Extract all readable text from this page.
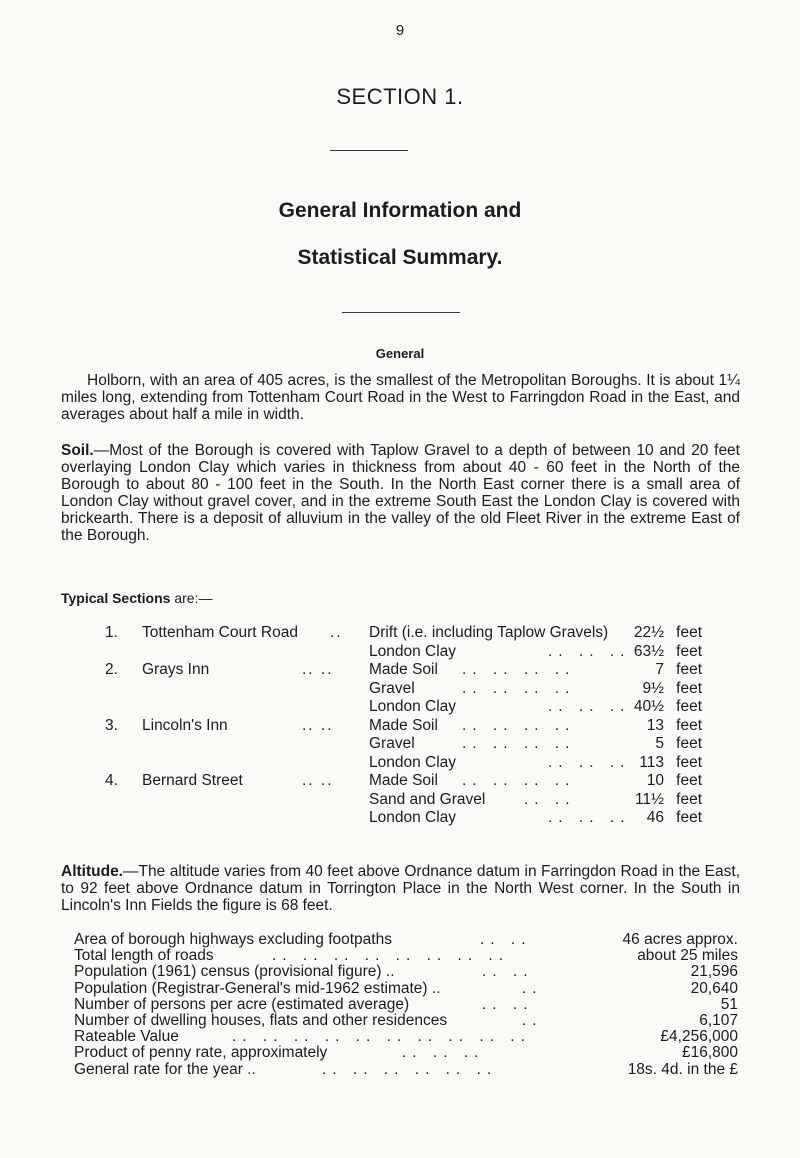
9
SECTION 1.
General Information and
Statistical Summary.
General
Holborn, with an area of 405 acres, is the smallest of the Metropolitan Boroughs. It is about 1¼ miles long, extending from Tottenham Court Road in the West to Farringdon Road in the East, and averages about half a mile in width.
Soil.—Most of the Borough is covered with Taplow Gravel to a depth of between 10 and 20 feet overlaying London Clay which varies in thickness from about 40 - 60 feet in the North of the Borough to about 80 - 100 feet in the South. In the North East corner there is a small area of London Clay without gravel cover, and in the extreme South East the London Clay is covered with brickearth. There is a deposit of alluvium in the valley of the old Fleet River in the extreme East of the Borough.
Typical Sections are:—
1. Tottenham Court Road .. Drift (i.e. including Taplow Gravels) 22½ feet
London Clay	.. .. .. 63½ feet
2. Grays Inn	.. .. Made Soil .. .. .. ..	7 feet
Gravel	.. .. .. ..	9½ feet
London Clay	.. .. .. 40½ feet
3. Lincoln's Inn	.. .. Made Soil .. .. .. ..	13 feet
Gravel	.. .. .. ..	5 feet
London Clay	.. .. .. 113 feet
4. Bernard Street	.. .. Made Soil .. .. .. ..	10 feet
Sand and Gravel .. ..	11½ feet
London Clay	.. .. .. 46 feet
Altitude.—The altitude varies from 40 feet above Ordnance datum in Farringdon Road in the East, to 92 feet above Ordnance datum in Torrington Place in the North West corner. In the South in Lincoln's Inn Fields the figure is 68 feet.
Area of borough highways excluding footpaths	.. ..	46 acres approx.
Total length of roads	.. .. .. .. .. .. .. ..	about 25 miles
Population (1961) census (provisional figure) ..	.. ..	21,596
Population (Registrar-General's mid-1962 estimate) ..	..	20,640
Number of persons per acre (estimated average)	.. ..	51
Number of dwelling houses, flats and other residences	..	6,107
Rateable Value	.. .. .. .. .. .. .. .. .. ..	£4,256,000
Product of penny rate, approximately	.. .. ..	£16,800
General rate for the year ..	.. .. .. .. .. ..	18s. 4d. in the £
